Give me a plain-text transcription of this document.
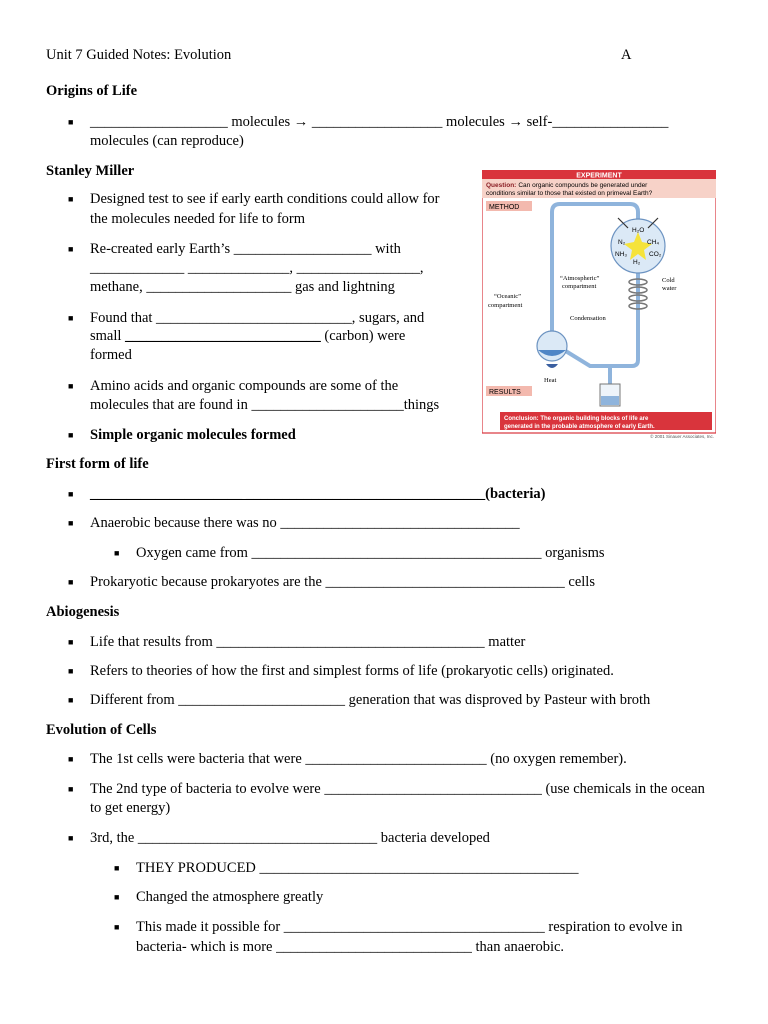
Unit 7 Guided Notes: Evolution	A
Origins of Life
■ ___________________ molecules → __________________ molecules → self-________________
molecules (can reproduce)
Stanley Miller
■ Designed test to see if early earth conditions could allow for
the molecules needed for life to form
■ Re-created early Earth’s ___________________ with
_____________ ______________, _________________,
methane, ____________________ gas and lightning
■ Found that ___________________________, sugars, and
small ___________________________ (carbon) were
formed
■ Amino acids and organic compounds are some of the
molecules that are found in _____________________things
■ Simple organic molecules formed
EXPERIMENT
Question: Can organic compounds be generated under
conditions similar to those that existed on primeval Earth?
METHOD
H₂O
N₂	CH₄
NH₃	CO₂
H₂
“Atmospheric”
compartment
Cold
water
“Oceanic”
compartment
Condensation
Heat
RESULTS
Conclusion: The organic building blocks of life are
generated in the probable atmosphere of early Earth.
© 2001 Sinauer Associates, Inc.
First form of life
■ _____________________ _________________________________(bacteria)
■ Anaerobic because there was no _________________________________
■ Oxygen came from ________________________________________ organisms
■ Prokaryotic because prokaryotes are the _________________________________ cells
Abiogenesis
■ Life that results from _____________________________________ matter
■ Refers to theories of how the first and simplest forms of life (prokaryotic cells) originated.
■ Different from _______________________ generation that was disproved by Pasteur with broth
Evolution of Cells
■ The 1st cells were bacteria that were _________________________ (no oxygen remember).
■ The 2nd type of bacteria to evolve were ______________________________ (use chemicals in the ocean
to get energy)
■ 3rd, the _________________________________ bacteria developed
■ THEY PRODUCED ____________________________________________
■ Changed the atmosphere greatly
■ This made it possible for ____________________________________ respiration to evolve in
bacteria- which is more ___________________________ than anaerobic.
